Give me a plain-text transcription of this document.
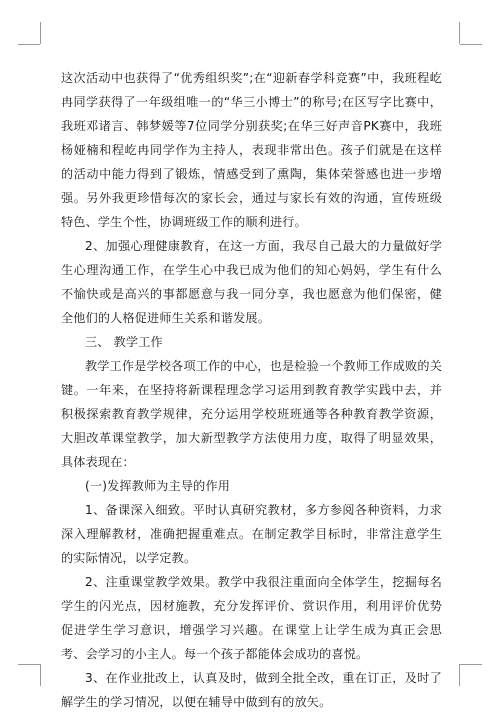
这次活动中也获得了“优秀组织奖”;在“迎新春学科竞赛”中，我班程屹冉同学获得了一年级组唯一的“华三小博士”的称号;在区写字比赛中，我班邓诸言、韩梦媛等7位同学分别获奖;在华三好声音PK赛中，我班杨娅楠和程屹冉同学作为主持人，表现非常出色。孩子们就是在这样的活动中能力得到了锻炼，情感受到了熏陶，集体荣誉感也进一步增强。另外我更珍惜每次的家长会，通过与家长有效的沟通，宣传班级特色、学生个性，协调班级工作的顺利进行。

2、加强心理健康教育，在这一方面，我尽自己最大的力量做好学生心理沟通工作，在学生心中我已成为他们的知心妈妈，学生有什么不愉快或是高兴的事都愿意与我一同分享，我也愿意为他们保密，健全他们的人格促进师生关系和谐发展。

三、 教学工作

教学工作是学校各项工作的中心，也是检验一个教师工作成败的关键。一年来，在坚持将新课程理念学习运用到教育教学实践中去，并积极探索教育教学规律，充分运用学校班班通等各种教育教学资源，大胆改革课堂教学，加大新型教学方法使用力度，取得了明显效果，具体表现在：

(一)发挥教师为主导的作用

1、备课深入细致。平时认真研究教材，多方参阅各种资料，力求深入理解教材，准确把握重难点。在制定教学目标时，非常注意学生的实际情况，以学定教。

2、注重课堂教学效果。教学中我很注重面向全体学生，挖掘每名学生的闪光点，因材施教，充分发挥评价、赏识作用，利用评价优势促进学生学习意识，增强学习兴趣。在课堂上让学生成为真正会思考、会学习的小主人。每一个孩子都能体会成功的喜悦。

3、在作业批改上，认真及时，做到全批全改，重在订正，及时了解学生的学习情况，以便在辅导中做到有的放矢。
